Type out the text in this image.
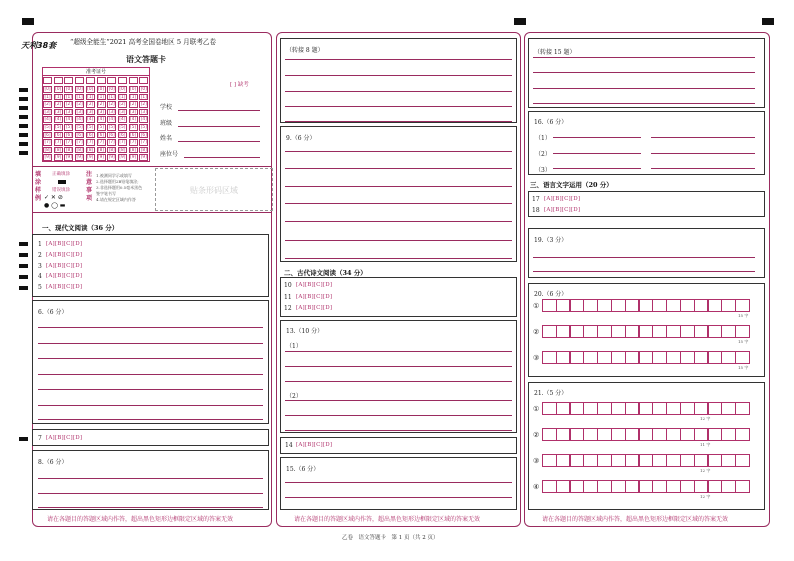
天利38套	“超级全能生”2021 高考全国卷地区 5 月联考乙卷
语文答题卡
准考证号
[0]
[1]
[2]
[3]
[4]
[5]
[6]
[7]
[8]
[9]
[0]
[1]
[2]
[3]
[4]
[5]
[6]
[7]
[8]
[9]
[0]
[1]
[2]
[3]
[4]
[5]
[6]
[7]
[8]
[9]
[0]
[1]
[2]
[3]
[4]
[5]
[6]
[7]
[8]
[9]
[0]
[1]
[2]
[3]
[4]
[5]
[6]
[7]
[8]
[9]
[0]
[1]
[2]
[3]
[4]
[5]
[6]
[7]
[8]
[9]
[0]
[1]
[2]
[3]
[4]
[5]
[6]
[7]
[8]
[9]
[0]
[1]
[2]
[3]
[4]
[5]
[6]
[7]
[8]
[9]
[0]
[1]
[2]
[3]
[4]
[5]
[6]
[7]
[8]
[9]
[0]
[1]
[2]
[3]
[4]
[5]
[6]
[7]
[8]
[9]
[ ] 缺考
学校
班级
姓名
座位号
填涂样例
正确填涂
错误填涂
✓ ✕ ⊘
● ◯ ▬
注意事项
1.被测同学示或填写
2.选择题用2B铅笔填涂;
3.非选择题用0.5毫米黑色
签字笔书写
4.请在规定区域内作答
贴条形码区域
一、现代文阅读（36 分）
1 [A][B][C][D]
2 [A][B][C][D]
3 [A][B][C][D]
4 [A][B][C][D]
5 [A][B][C][D]
6.（6 分）
7 [A][B][C][D]
8.（6 分）
请在各题目的答题区域内作答，超出黑色矩形边框限定区域的答案无效
（转接 8 题）
9.（6 分）
二、古代诗文阅读（34 分）
10 [A][B][C][D]
11 [A][B][C][D]
12 [A][B][C][D]
13.（10 分）
（1）
（2）
14 [A][B][C][D]
15.（6 分）
请在各题目的答题区域内作答，超出黑色矩形边框限定区域的答案无效
（转接 15 题）
16.（6 分）
（1）
（2）
（3）
三、语言文字运用（20 分）
17 [A][B][C][D]
18 [A][B][C][D]
19.（3 分）
20.（6 分）
①
15 字
②
15 字
③
15 字
21.（5 分）
①
12 字
②
11 字
③
12 字
④
12 字
请在各题目的答题区域内作答，超出黑色矩形边框限定区域的答案无效
乙卷　语文答题卡　第 1 页（共 2 页）
